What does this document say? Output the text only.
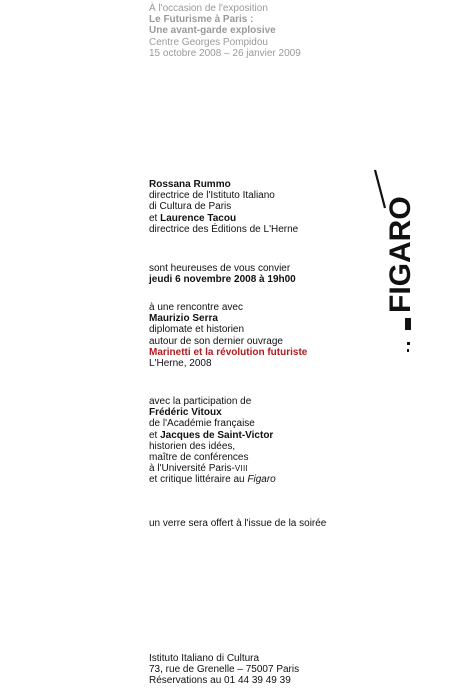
À l'occasion de l'exposition
Le Futurisme à Paris :
Une avant-garde explosive
Centre Georges Pompidou
15 octobre 2008 – 26 janvier 2009
Rossana Rummo
directrice de l'Istituto Italiano
di Cultura de Paris
et Laurence Tacou
directrice des Éditions de L'Herne
sont heureuses de vous convier
jeudi 6 novembre 2008 à 19h00
à une rencontre avec
Maurizio Serra
diplomate et historien
autour de son dernier ouvrage
Marinetti et la révolution futuriste
L'Herne, 2008
avec la participation de
Frédéric Vitoux
de l'Académie française
et Jacques de Saint-Victor
historien des idées,
maître de conférences
à l'Université Paris-VIII
et critique littéraire au Figaro
un verre sera offert à l'issue de la soirée
Istituto Italiano di Cultura
73, rue de Grenelle – 75007 Paris
Réservations au 01 44 39 49 39
FIGARO
